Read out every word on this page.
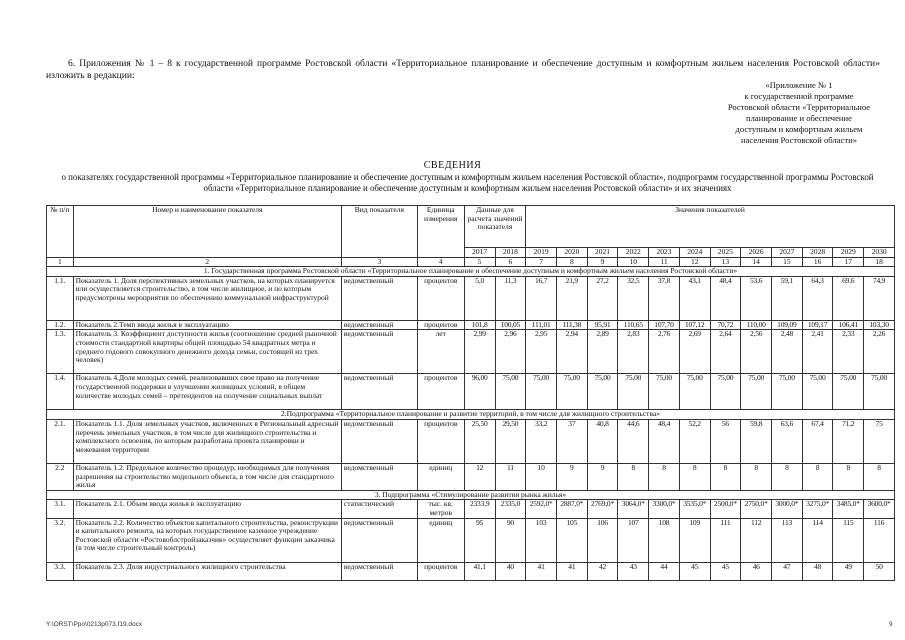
6. Приложения № 1 – 8 к государственной программе Ростовской области «Территориальное планирование и обеспечение доступным и комфортным жильем населения Ростовской области» изложить в редакции:
«Приложение № 1
к государственной программе
Ростовской области «Территориальное
планирование и обеспечение
доступным и комфортным жильем
населения Ростовской области»
СВЕДЕНИЯ
о показателях государственной программы «Территориальное планирование и обеспечение доступным и комфортным жильем населения Ростовской области», подпрограмм государственной программы Ростовской области «Территориальное планирование и обеспечение доступным и комфортным жильем населения Ростовской области» и их значениях
№ п/п	Номер и наименование показателя	Вид показателя	Единица измерения	Данные для расчета значений показателя		Значения показателей											
				2017	2018	2019	2020	2021	2022	2023	2024	2025	2026	2027	2028	2029	2030
1	2	3	4	5	6	7	8	9	10	11	12	13	14	15	16	17	18
1. Государственная программа Ростовской области «Территориальное планирование и обеспечение доступным и комфортным жильем населения Ростовской области»																	
1.1.	Показатель 1. Доля перспективных земельных участков, на которых планируется или осуществляется строительство, в том числе жилищное, и по которым предусмотрены мероприятия по обеспечению коммунальной инфраструктурой	ведомственный	процентов	5,0	11,3	16,7	21,9	27,2	32,5	37,8	43,1	48,4	53,6	59,1	64,3	69,6	74,9
1.2.	Показатель 2.Темп ввода жилья в эксплуатацию	ведомственный	процентов	101,8	100,05	111,01	111,38	95,91	110,65	107,70	107,12	70,72	110,00	109,09	109,17	106,41	103,30
1.3.	Показатель 3. Коэффициент доступности жилья (соотношение средней рыночной стоимости стандартной квартиры общей площадью 54 квадратных метра и среднего годового совокупного денежного дохода семьи, состоящей из трех человек)	ведомственный	лет	2,99	2,96	2,95	2,94	2,89	2,83	2,76	2,69	2,64	2,56	2,48	2,41	2,33	2,26
1.4.	Показатель 4.Доля молодых семей, реализовавших свое право на получение государственной поддержки в улучшении жилищных условий, в общем количестве молодых семей – претендентов на получение социальных выплат	ведомственный	процентов	96,00	75,00	75,00	75,00	75,00	75,00	75,00	75,00	75,00	75,00	75,00	75,00	75,00	75,00
2.Подпрограмма «Территориальное планирование и развитие территорий, в том числе для жилищного строительства»																	
2.1.	Показатель 1.1. Доля земельных участков, включенных в Региональный адресный перечень земельных участков, в том числе для жилищного строительства и комплексного освоения, по которым разработана проекта планировки и межевания территории	ведомственный	процентов	25,50	29,50	33,2	37	40,8	44,6	48,4	52,2	56	59,8	63,6	67,4	71,2	75
2.2	Показатель 1.2. Предельное количество процедур, необходимых для получения разрешения на строительство модельного объекта, в том числе для стандартного жилья	ведомственный	единиц	12	11	10	9	9	8	8	8	8	8	8	8	8	8
3. Подпрограмма «Стимулирование развития рынка жилья»																	
3.1.	Показатель 2.1. Объем ввода жилья в эксплуатацию	статистический	тыс. кв. метров	2333,9	2335,0	2592,0*	2887,0*	2769,0*	3064,0*	3300,0*	3535,0*	2500,0*	2750,0*	3000,0*	3275,0*	3485,0*	3600,0*
3.2.	Показатель 2.2. Количество объектов капитального строительства, реконструкции и капитального ремонта, на которых государственное казенное учреждение Ростовской области «Ростовоблстройзаказчик» осуществляет функции заказчика (в том числе строительный контроль)	ведомственный	единиц	95	90	103	105	106	107	108	109	111	112	113	114	115	116
3.3.	Показатель 2.3. Доля индустриального жилищного строительства	ведомственный	процентов	41,1	40	41	41	42	43	44	45	45	46	47	48	49	50
Y:\ORST\Ppo\0213p073.f19.docx	9
